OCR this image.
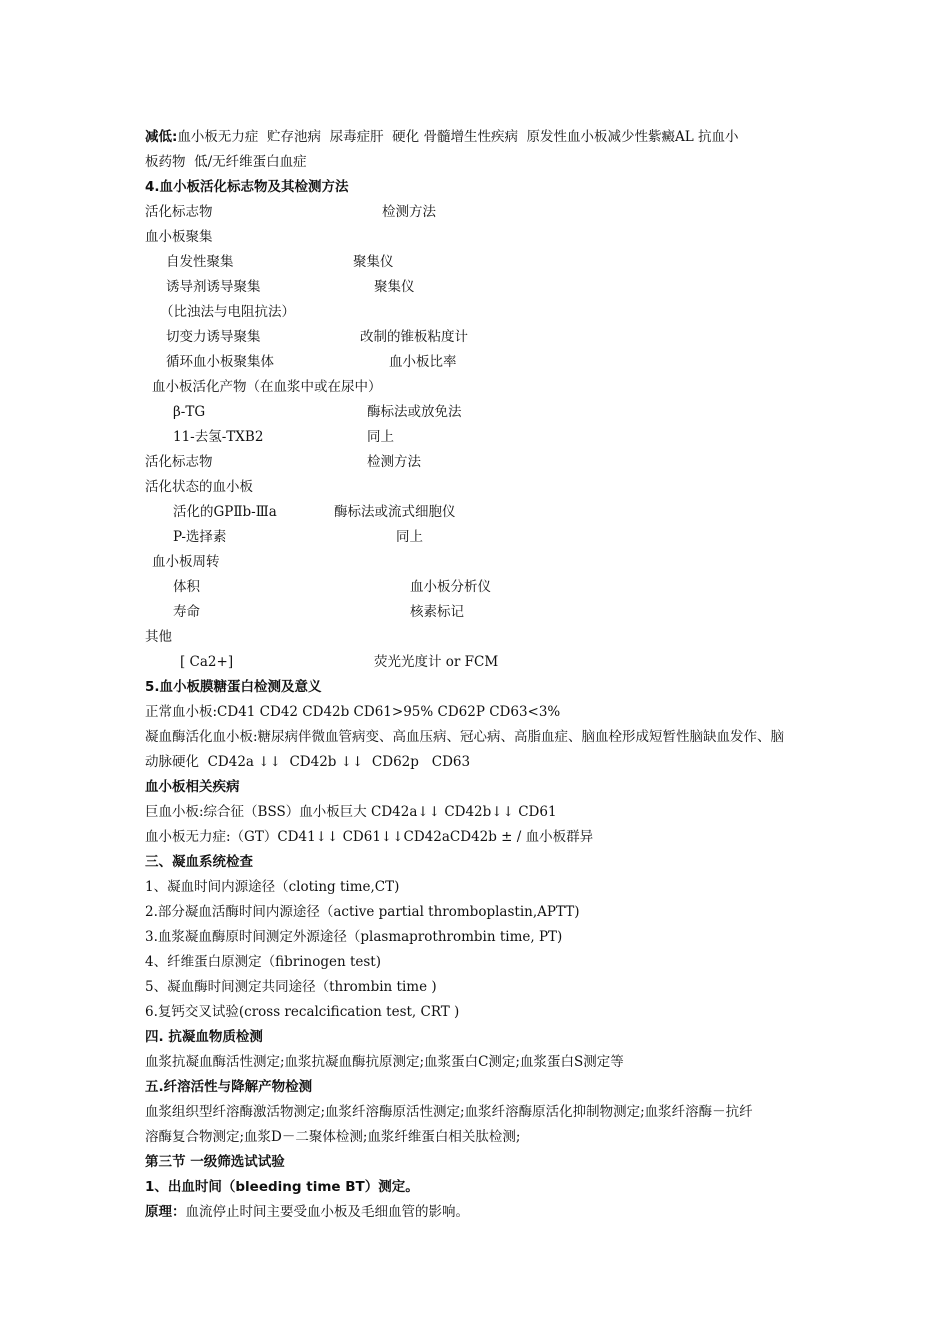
减低:血小板无力症  贮存池病  尿毒症肝  硬化 骨髓增生性疾病  原发性血小板减少性紫癜AL 抗血小
板药物  低/无纤维蛋白血症
4.血小板活化标志物及其检测方法
活化标志物	检测方法
血小板聚集
自发性聚集	聚集仪
诱导剂诱导聚集	聚集仪
（比浊法与电阻抗法）
切变力诱导聚集	改制的锥板粘度计
循环血小板聚集体	血小板比率
血小板活化产物（在血浆中或在尿中）
β-TG	酶标法或放免法
11-去氢-TXB2	同上
活化标志物	检测方法
活化状态的血小板
活化的GPⅡb-Ⅲa	酶标法或流式细胞仪
P-选择素	同上
血小板周转
体积	血小板分析仪
寿命	核素标记
其他
[ Ca2+]	荧光光度计 or FCM
5.血小板膜糖蛋白检测及意义
正常血小板:CD41 CD42 CD42b CD61>95% CD62P CD63<3%
凝血酶活化血小板:糖尿病伴微血管病变、高血压病、冠心病、高脂血症、脑血栓形成短暂性脑缺血发作、脑
动脉硬化  CD42a ↓↓  CD42b ↓↓  CD62p   CD63
血小板相关疾病
巨血小板:综合征（BSS）血小板巨大 CD42a↓↓ CD42b↓↓ CD61
血小板无力症:（GT）CD41↓↓ CD61↓↓CD42aCD42b ± / 血小板群异
三、凝血系统检查
1、凝血时间内源途径（cloting time,CT)
2.部分凝血活酶时间内源途径（active partial thromboplastin,APTT)
3.血浆凝血酶原时间测定外源途径（plasmaprothrombin time, PT)
4、纤维蛋白原测定（fibrinogen test)
5、凝血酶时间测定共同途径（thrombin time )
6.复钙交叉试验(cross recalcification test, CRT )
四. 抗凝血物质检测
血浆抗凝血酶活性测定;血浆抗凝血酶抗原测定;血浆蛋白C测定;血浆蛋白S测定等
五.纤溶活性与降解产物检测
血浆组织型纤溶酶激活物测定;血浆纤溶酶原活性测定;血浆纤溶酶原活化抑制物测定;血浆纤溶酶－抗纤
溶酶复合物测定;血浆D－二聚体检测;血浆纤维蛋白相关肽检测;
第三节 一级筛选试试验
1、出血时间（bleeding time BT）测定。
原理：血流停止时间主要受血小板及毛细血管的影响。
